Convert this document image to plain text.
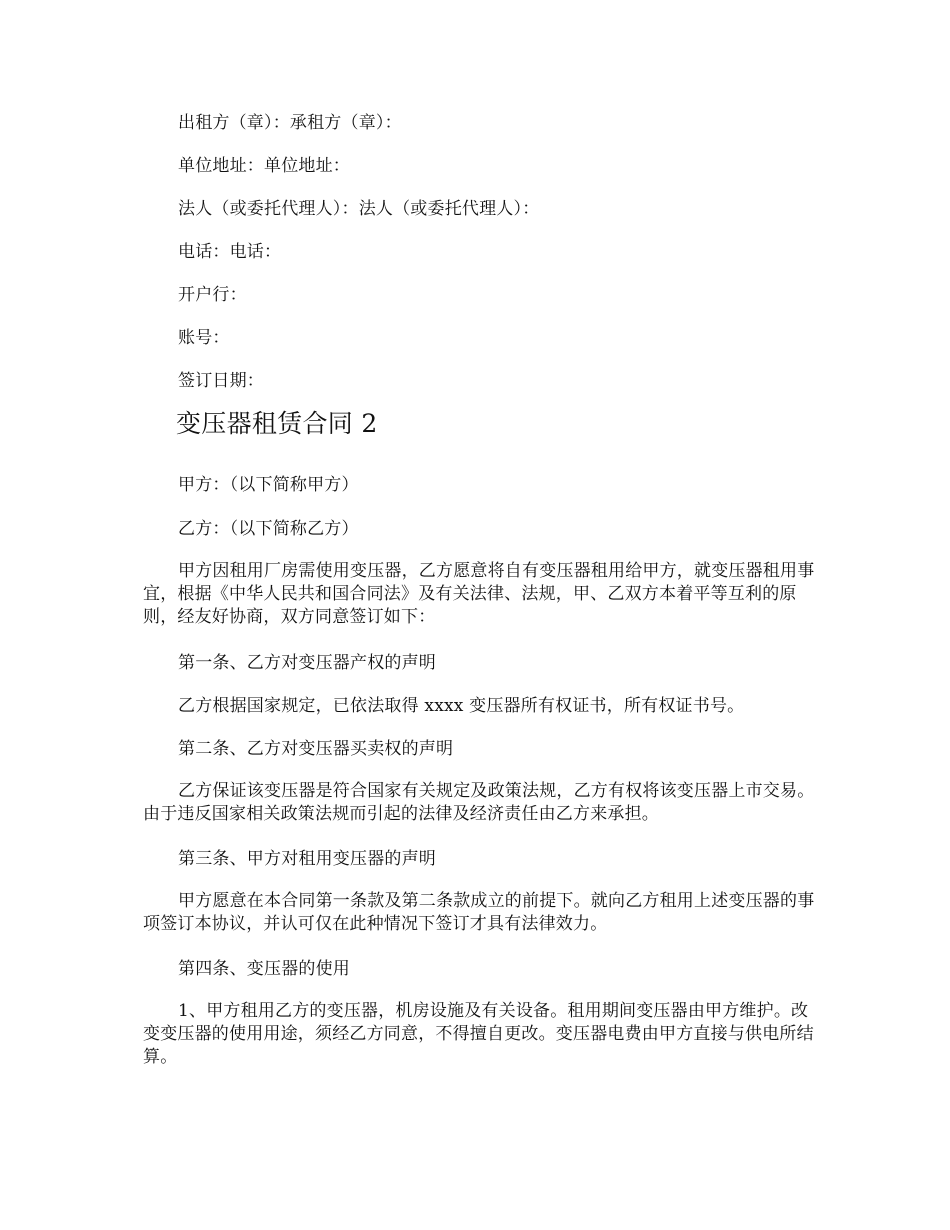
出租方（章）：承租方（章）：

单位地址：单位地址：

法人（或委托代理人）：法人（或委托代理人）：

电话：电话：

开户行：

账号：

签订日期：

变压器租赁合同 2

甲方：（以下简称甲方）

乙方：（以下简称乙方）

甲方因租用厂房需使用变压器，乙方愿意将自有变压器租用给甲方，就变压器租用事宜，根据《中华人民共和国合同法》及有关法律、法规，甲、乙双方本着平等互利的原则，经友好协商，双方同意签订如下：

第一条、乙方对变压器产权的声明

乙方根据国家规定，已依法取得 xxxx 变压器所有权证书，所有权证书号。

第二条、乙方对变压器买卖权的声明

乙方保证该变压器是符合国家有关规定及政策法规，乙方有权将该变压器上市交易。由于违反国家相关政策法规而引起的法律及经济责任由乙方来承担。

第三条、甲方对租用变压器的声明

甲方愿意在本合同第一条款及第二条款成立的前提下。就向乙方租用上述变压器的事项签订本协议，并认可仅在此种情况下签订才具有法律效力。

第四条、变压器的使用

1、甲方租用乙方的变压器，机房设施及有关设备。租用期间变压器由甲方维护。改变变压器的使用用途，须经乙方同意，不得擅自更改。变压器电费由甲方直接与供电所结算。
